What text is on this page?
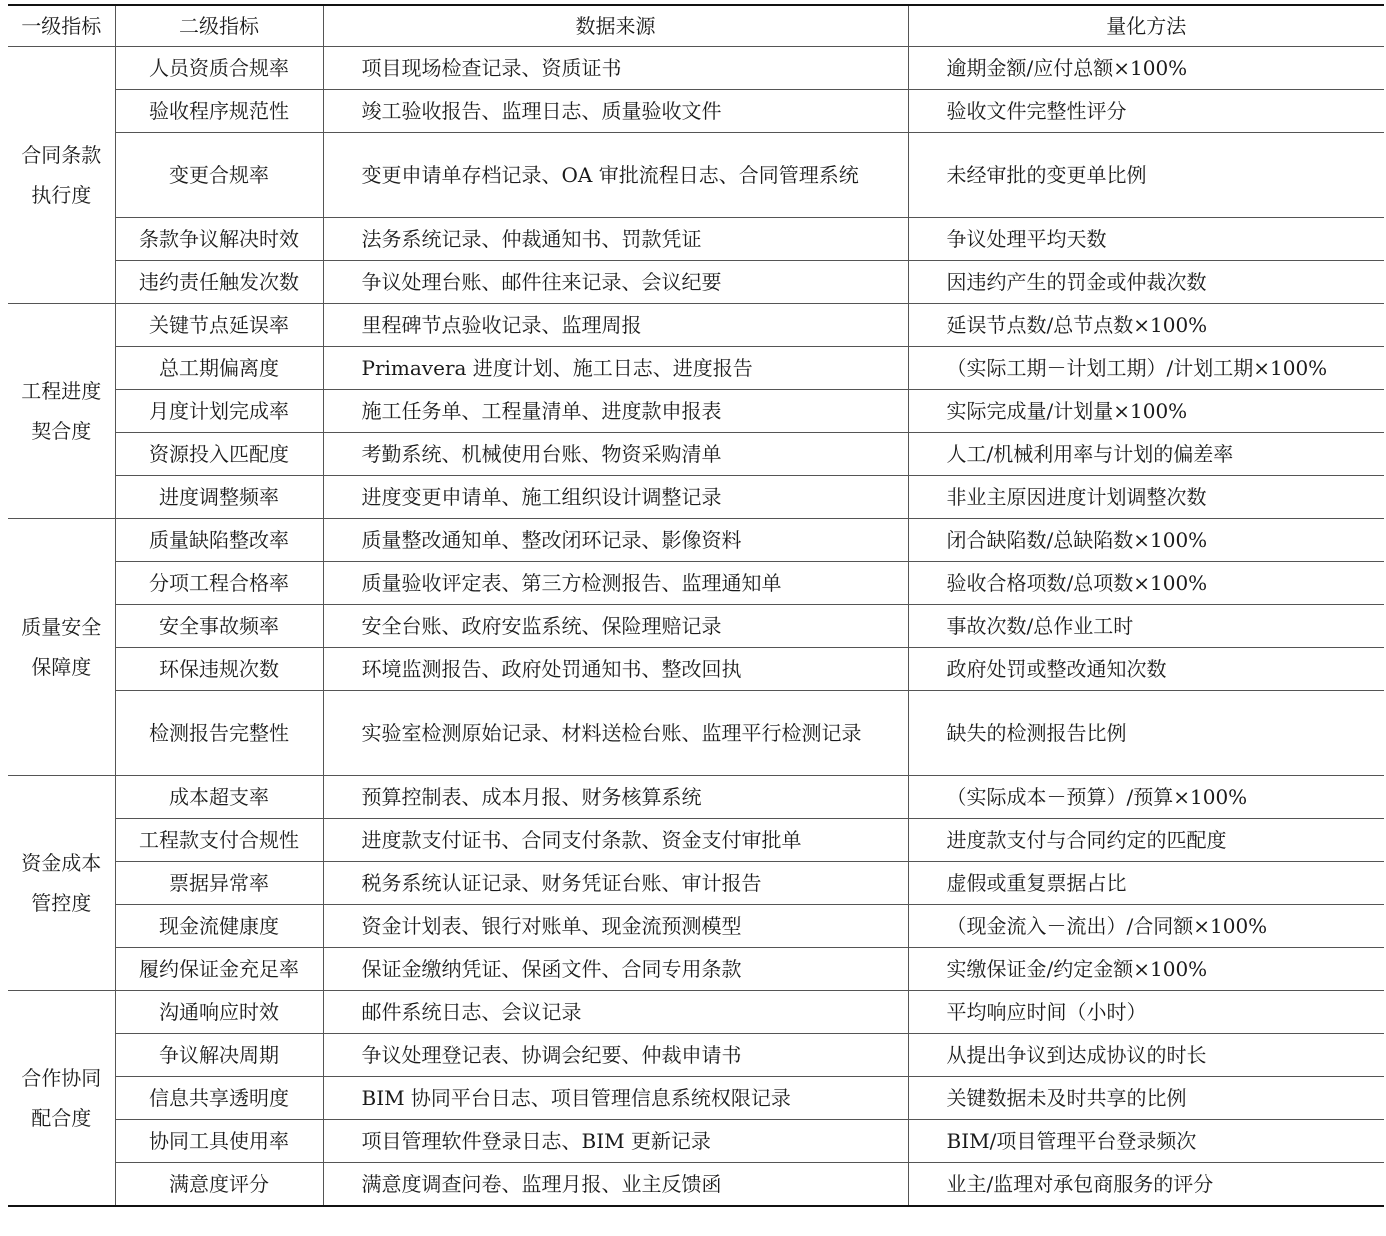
一级指标	二级指标	数据来源	量化方法
合同条款执行度	人员资质合规率	项目现场检查记录、资质证书	逾期金额/应付总额×100%
	验收程序规范性	竣工验收报告、监理日志、质量验收文件	验收文件完整性评分
	变更合规率	变更申请单存档记录、OA 审批流程日志、合同管理系统	未经审批的变更单比例
	条款争议解决时效	法务系统记录、仲裁通知书、罚款凭证	争议处理平均天数
	违约责任触发次数	争议处理台账、邮件往来记录、会议纪要	因违约产生的罚金或仲裁次数
工程进度契合度	关键节点延误率	里程碑节点验收记录、监理周报	延误节点数/总节点数×100%
	总工期偏离度	Primavera 进度计划、施工日志、进度报告	（实际工期－计划工期）/计划工期×100%
	月度计划完成率	施工任务单、工程量清单、进度款申报表	实际完成量/计划量×100%
	资源投入匹配度	考勤系统、机械使用台账、物资采购清单	人工/机械利用率与计划的偏差率
	进度调整频率	进度变更申请单、施工组织设计调整记录	非业主原因进度计划调整次数
质量安全保障度	质量缺陷整改率	质量整改通知单、整改闭环记录、影像资料	闭合缺陷数/总缺陷数×100%
	分项工程合格率	质量验收评定表、第三方检测报告、监理通知单	验收合格项数/总项数×100%
	安全事故频率	安全台账、政府安监系统、保险理赔记录	事故次数/总作业工时
	环保违规次数	环境监测报告、政府处罚通知书、整改回执	政府处罚或整改通知次数
	检测报告完整性	实验室检测原始记录、材料送检台账、监理平行检测记录	缺失的检测报告比例
资金成本管控度	成本超支率	预算控制表、成本月报、财务核算系统	（实际成本－预算）/预算×100%
	工程款支付合规性	进度款支付证书、合同支付条款、资金支付审批单	进度款支付与合同约定的匹配度
	票据异常率	税务系统认证记录、财务凭证台账、审计报告	虚假或重复票据占比
	现金流健康度	资金计划表、银行对账单、现金流预测模型	（现金流入－流出）/合同额×100%
	履约保证金充足率	保证金缴纳凭证、保函文件、合同专用条款	实缴保证金/约定金额×100%
合作协同配合度	沟通响应时效	邮件系统日志、会议记录	平均响应时间（小时）
	争议解决周期	争议处理登记表、协调会纪要、仲裁申请书	从提出争议到达成协议的时长
	信息共享透明度	BIM 协同平台日志、项目管理信息系统权限记录	关键数据未及时共享的比例
	协同工具使用率	项目管理软件登录日志、BIM 更新记录	BIM/项目管理平台登录频次
	满意度评分	满意度调查问卷、监理月报、业主反馈函	业主/监理对承包商服务的评分
